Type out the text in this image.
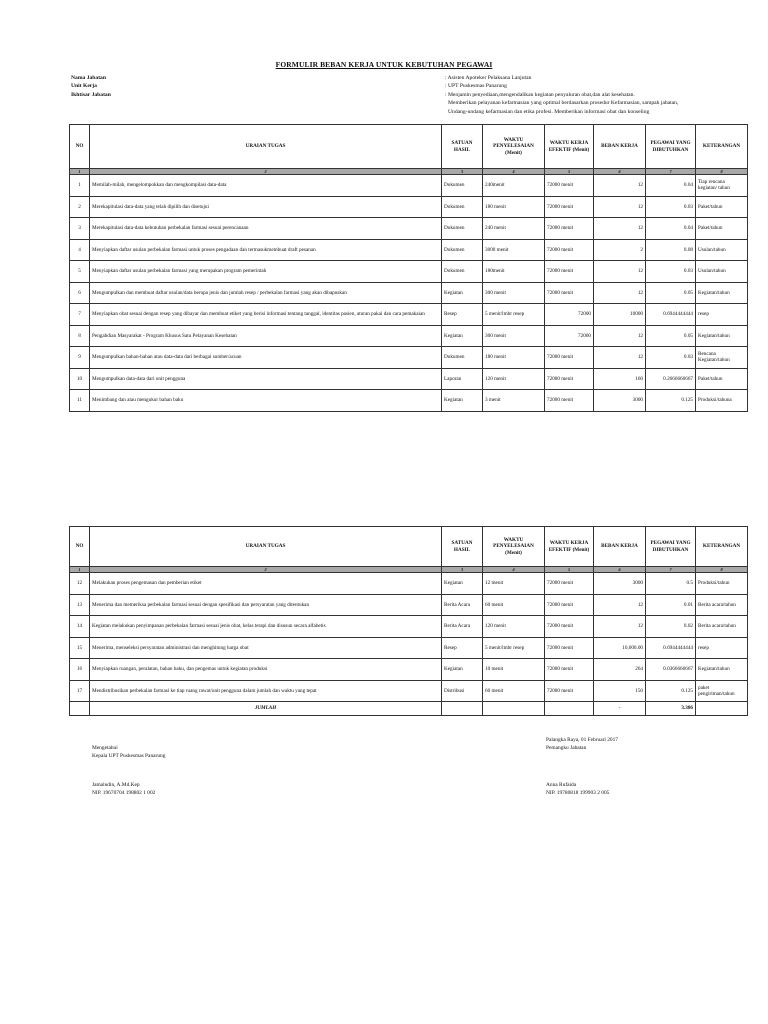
FORMULIR BEBAN KERJA UNTUK KEBUTUHAN PEGAWAI
Nama Jabatan	: Asisten Apoteker Pelaksana Lanjutan
Unit Kerja	: UPT Puskesmas Panarung
Ikhtisar Jabatan	: Menjamin penyediaan,mengendalikan kegiatan penyaluran obat,dan alat kesehatan.
Memberikan pelayanan kefarmasian yang optimal berdasarkan prosedur Kefarmasian, sampah jabatan,
Undang-undang kefarmasian dan etika profesi. Memberikan informasi obat dan konseling
NO	URAIAN TUGAS	SATUAN HASIL	WAKTU PENYELESAIAN (Menit)	WAKTU KERJA EFEKTIF (Menit)	BEBAN KERJA	PEGAWAI YANG DIBUTUHKAN	KETERANGAN
1	2	3	4	5	6	7	8
1	Memilah-milah, mengelompokkan dan mengkompilasi data-data	Dokumen	240menit	72000 menit	12	0.04	Tiap rencana kegiatan/ tahun
2	Merekapitulasi data-data yang telah dipilih dan disetujui	Dokumen	180 menit	72000 menit	12	0.03	Paket/tahun
3	Merekapitulasi data-data kebutuhan perbekalan farmasi sesuai perencanaan	Dokumen	240 menit	72000 menit	12	0.04	Paket/tahun
4	Menyiapkan daftar usulan perbekalan farmasi untuk proses pengadaan dan termasukmembuat draft pesanan	Dokumen	3000 menit	72000 menit	2	0.08	Usulan/tahun
5	Menyiapkan daftar usulan perbekalan farmasi yang merupakan program pemerintah	Dokumen	180menit	72000 menit	12	0.03	Usulan/tahun
6	Mengumpulkan dan membuat daftar usulan/data berupa jenis dan jumlah resep / perbekalan farmasi yang akan dibapuskan	Kegiatan	300 menit	72000 menit	12	0.05	Kegiatan/tahun
7	Menyiapkan obat sesuai dengan resep yang dibayar dan membuat etiket yang berisi informasi tentang tanggal, identitas pasien, aturan pakai dan cara pemakaian	Resep	5 menit/lmbr resep	72000	10000	0.6944444444	resep
8	Pengabdian Masyarakat - Program Khusus Satu Pelayanan Kesehatan	Kegiatan	300 menit	72000	12	0.05	Kegiatan/tahun
9	Mengumpulkan bahan-bahan atau data-data dari berbagai sumber/acuan	Dokumen	180 menit	72000 menit	12	0.03	Rencana Kegiatan/tahun
10	Mengumpulkan data-data dari unit pengguna	Laporan	120 menit	72000 menit	160	0.2666666667	Paket/tahun
11	Menimbang dan atau mengukur bahan baku	Kegiatan	3 menit	72000 menit	3000	0.125	Produksi/tahuna
NO	URAIAN TUGAS	SATUAN HASIL	WAKTU PENYELESAIAN (Menit)	WAKTU KERJA EFEKTIF (Menit)	BEBAN KERJA	PEGAWAI YANG DIBUTUHKAN	KETERANGAN
1	2	3	4	5	6	7	8
12	Melakukan proses pengemasan dan pemberian etiket	Kegiatan	12 menit	72000 menit	3000	0.5	Produksi/tahun
13	Menerima dan memeriksa perbekalan farmasi sesuai dengan spesifikasi dan persyaratan yang ditentukan	Berita Acara	60 menit	72000 menit	12	0.01	Berita acara/tahun
14	Kegiatan melakukan penyimpanan perbekalan farmasi sesuai jenis obat, kelas terapi dan disusun secara alfabetis	Berita Acara	120 menit	72000 menit	12	0.02	Berita acara/tahun
15	Menerima, menseleksi persyaratan administrasi dan menghitung harga obat	Resep	5 menit/lmbr resep	72000 menit	10,000.00	0.6944444444	resep
16	Menyiapkan ruangan, peralatan, bahan baku, dan pengemas untuk kegiatan produksi	Kegiatan	10 menit	72000 menit	264	0.0366666667	Kegiatan/tahun
17	Mendistribusikan perbekalan farmasi ke tiap ruang rawat/unit pengguna dalam jumlah dan waktu yang tepat	Distribusi	60 menit	72000 menit	150	0.125	paket pengiriman/tahun
	JUMLAH				-	3.386	
Mengetahui
Kepala UPT Puskesmas Panarung
Jamaludin, A.Md.Kep
NIP. 19670704 198802 1 002
Palangka Raya, 01 Februari 2017
Pemangku Jabatan
Anna Rufaida
NIP. 19780818 199903 2 005
